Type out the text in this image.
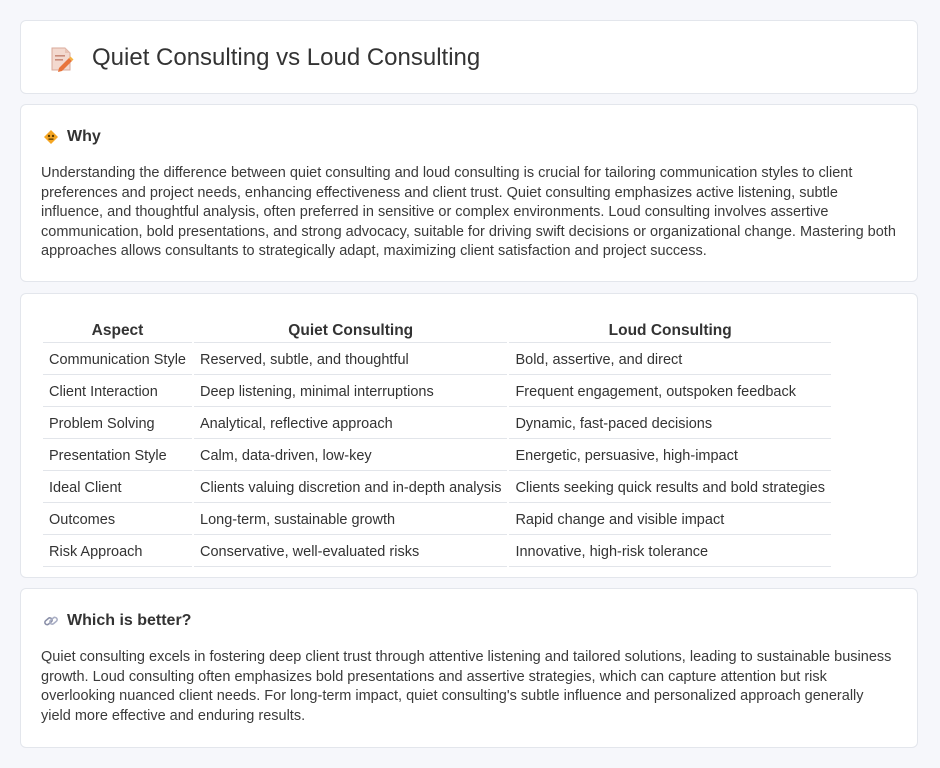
Quiet Consulting vs Loud Consulting
Why

Understanding the difference between quiet consulting and loud consulting is crucial for tailoring communication styles to client preferences and project needs, enhancing effectiveness and client trust. Quiet consulting emphasizes active listening, subtle influence, and thoughtful analysis, often preferred in sensitive or complex environments. Loud consulting involves assertive communication, bold presentations, and strong advocacy, suitable for driving swift decisions or organizational change. Mastering both approaches allows consultants to strategically adapt, maximizing client satisfaction and project success.

Aspect	Quiet Consulting	Loud Consulting
Communication Style	Reserved, subtle, and thoughtful	Bold, assertive, and direct
Client Interaction	Deep listening, minimal interruptions	Frequent engagement, outspoken feedback
Problem Solving	Analytical, reflective approach	Dynamic, fast-paced decisions
Presentation Style	Calm, data-driven, low-key	Energetic, persuasive, high-impact
Ideal Client	Clients valuing discretion and in-depth analysis	Clients seeking quick results and bold strategies
Outcomes	Long-term, sustainable growth	Rapid change and visible impact
Risk Approach	Conservative, well-evaluated risks	Innovative, high-risk tolerance
Which is better?

Quiet consulting excels in fostering deep client trust through attentive listening and tailored solutions, leading to sustainable business growth. Loud consulting often emphasizes bold presentations and assertive strategies, which can capture attention but risk overlooking nuanced client needs. For long-term impact, quiet consulting's subtle influence and personalized approach generally yield more effective and enduring results.
